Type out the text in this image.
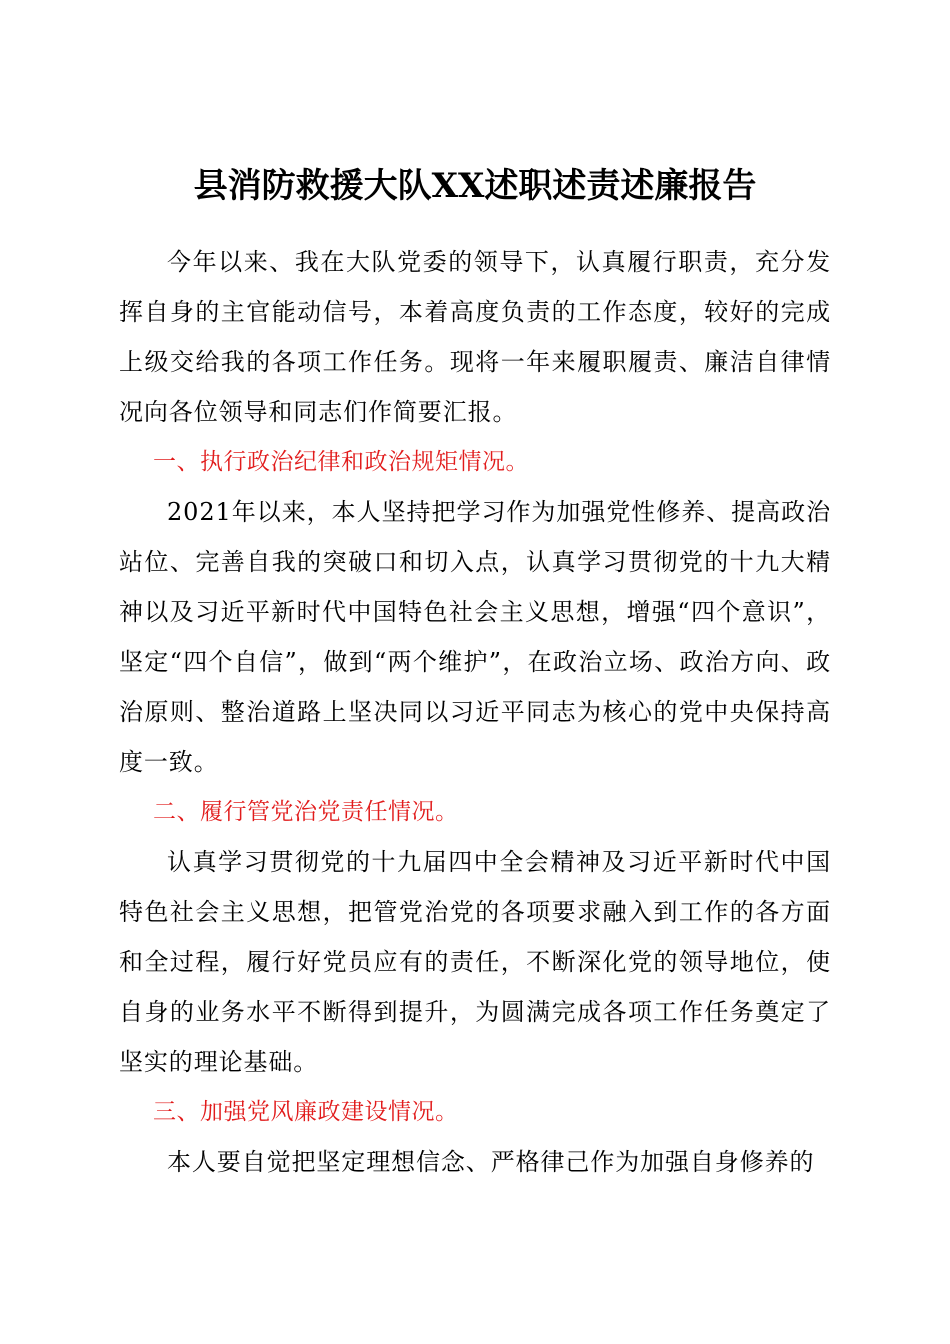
县消防救援大队XX述职述责述廉报告

今年以来、我在大队党委的领导下，认真履行职责，充分发挥自身的主官能动信号，本着高度负责的工作态度，较好的完成上级交给我的各项工作任务。现将一年来履职履责、廉洁自律情况向各位领导和同志们作简要汇报。

一、执行政治纪律和政治规矩情况。

2021年以来，本人坚持把学习作为加强党性修养、提高政治站位、完善自我的突破口和切入点，认真学习贯彻党的十九大精神以及习近平新时代中国特色社会主义思想，增强“四个意识”，坚定“四个自信”，做到“两个维护”，在政治立场、政治方向、政治原则、整治道路上坚决同以习近平同志为核心的党中央保持高度一致。

二、履行管党治党责任情况。

认真学习贯彻党的十九届四中全会精神及习近平新时代中国特色社会主义思想，把管党治党的各项要求融入到工作的各方面和全过程，履行好党员应有的责任，不断深化党的领导地位，使自身的业务水平不断得到提升，为圆满完成各项工作任务奠定了坚实的理论基础。

三、加强党风廉政建设情况。

本人要自觉把坚定理想信念、严格律己作为加强自身修养的
